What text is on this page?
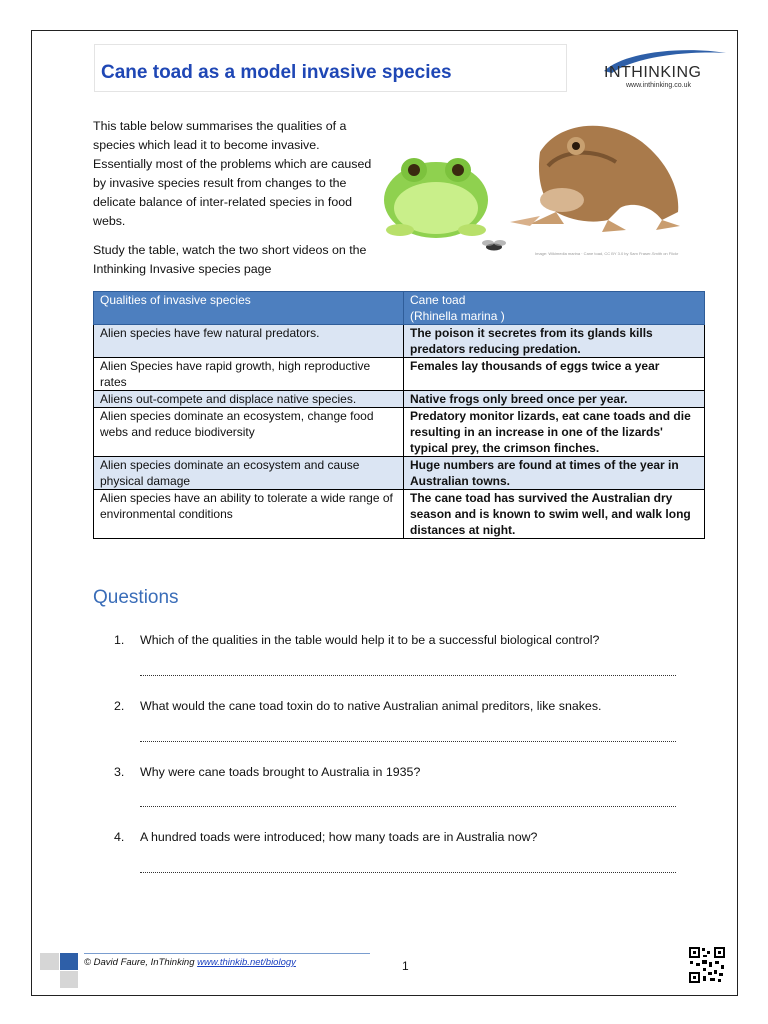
Cane toad as a model invasive species	INTHINKING
www.inthinking.co.uk

This table below summarises the qualities of a species which lead it to become invasive. Essentially most of the problems which are caused by invasive species result from changes to the delicate balance of inter-related species in food webs.

Study the table, watch the two short videos on the Inthinking Invasive species page

Image: Wikimedia marina · Cane toad, CC BY 3.0 by Sam Fraser-Smith on Flickr
Qualities of invasive species	Cane toad
(Rhinella marina )
Alien species have few natural predators.	The poison it secretes from its glands kills predators reducing predation.
Alien Species have rapid growth, high reproductive rates	Females lay thousands of eggs twice a year
Aliens out-compete and displace native species.	Native frogs only breed once per year.
Alien species dominate an ecosystem, change food webs and reduce biodiversity	Predatory monitor lizards, eat cane toads and die resulting in an increase in one of the lizards' typical prey, the crimson finches.
Alien species dominate an ecosystem and cause physical damage	Huge numbers are found at times of the year in Australian towns.
Alien species have an ability to tolerate a wide range of environmental conditions	The cane toad has survived the Australian dry season and is known to swim well, and walk long distances at night.
Questions
1. Which of the qualities in the table would help it to be a successful biological control?
2. What would the cane toad toxin do to native Australian animal preditors, like snakes.
3. Why were cane toads brought to Australia in 1935?
4. A hundred toads were introduced; how many toads are in Australia now?
© David Faure, InThinking www.thinkib.net/biology	1
